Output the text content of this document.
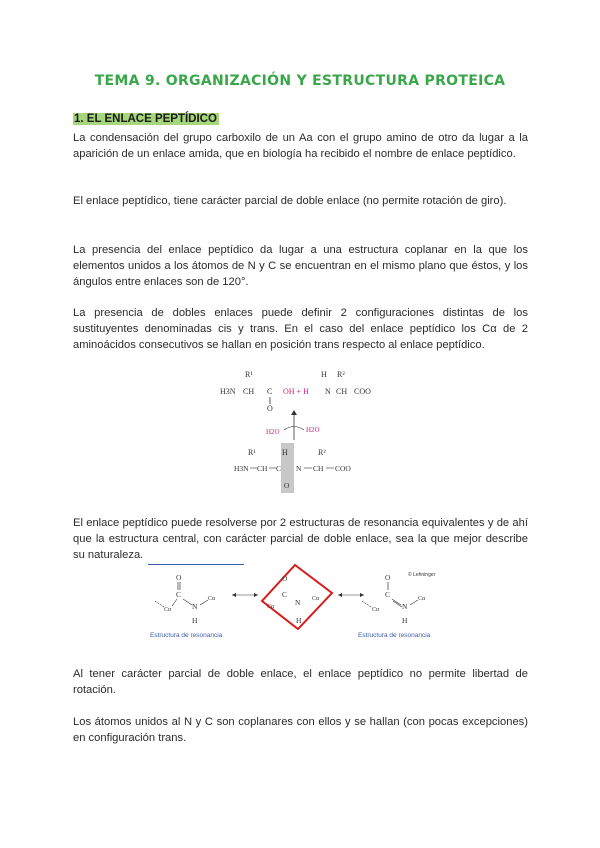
TEMA 9. ORGANIZACIÓN Y ESTRUCTURA PROTEICA
1. EL ENLACE PEPTÍDICO
La condensación del grupo carboxilo de un Aa con el grupo amino de otro da lugar a la aparición de un enlace amida, que en biología ha recibido el nombre de enlace peptídico.
El enlace peptídico, tiene carácter parcial de doble enlace (no permite rotación de giro).
La presencia del enlace peptídico da lugar a una estructura coplanar en la que los elementos unidos a los átomos de N y C se encuentran en el mismo plano que éstos, y los ángulos entre enlaces son de 120°.
La presencia de dobles enlaces puede definir 2 configuraciones distintas de los sustituyentes denominadas cis y trans. En el caso del enlace peptídico los Cα de 2 aminoácidos consecutivos se hallan en posición trans respecto al enlace peptídico.
R¹
H3N CH C
O
OH + H N
H R²
CH COO
H2O	H2O
H
R¹	R²
H3N CH C N CH COO
O
El enlace peptídico puede resolverse por 2 estructuras de resonancia equivalentes y de ahí que la estructura central, con carácter parcial de doble enlace, sea la que mejor describe su naturaleza.
O
C
Cα	N
Cα
H
O
C
N
Cα
Cα
H
© Lehninger
O
C
Cα	N
Cα
H
Estructura de resonancia	Estructura de resonancia
Al tener carácter parcial de doble enlace, el enlace peptídico no permite libertad de rotación.
Los átomos unidos al N y C son coplanares con ellos y se hallan (con pocas excepciones) en configuración trans.
